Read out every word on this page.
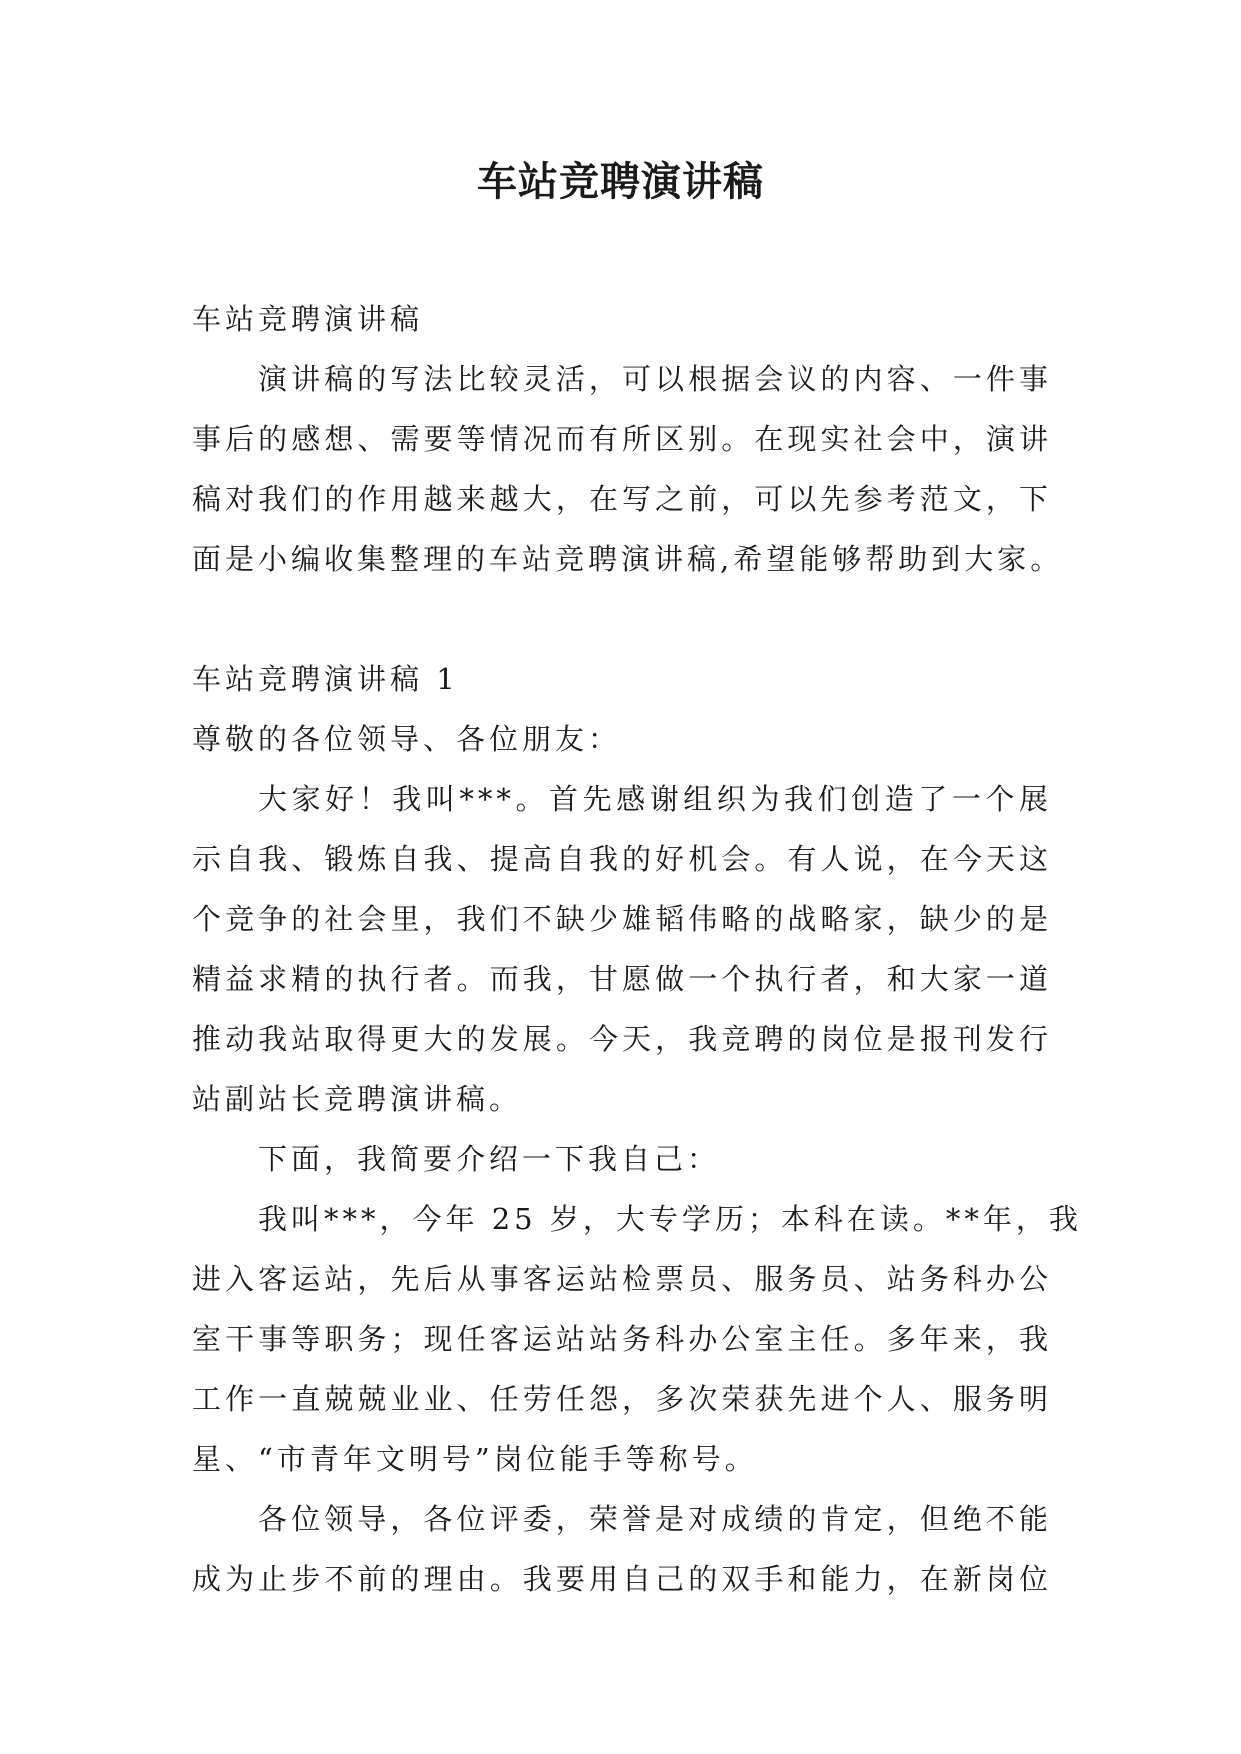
车站竞聘演讲稿
车站竞聘演讲稿
演讲稿的写法比较灵活，可以根据会议的内容、一件事
事后的感想、需要等情况而有所区别。在现实社会中，演讲
稿对我们的作用越来越大，在写之前，可以先参考范文，下
面是小编收集整理的车站竞聘演讲稿,希望能够帮助到大家。
车站竞聘演讲稿 1
尊敬的各位领导、各位朋友：
大家好！我叫***。首先感谢组织为我们创造了一个展
示自我、锻炼自我、提高自我的好机会。有人说，在今天这
个竞争的社会里，我们不缺少雄韬伟略的战略家，缺少的是
精益求精的执行者。而我，甘愿做一个执行者，和大家一道
推动我站取得更大的发展。今天，我竞聘的岗位是报刊发行
站副站长竞聘演讲稿。
下面，我简要介绍一下我自己：
我叫***，今年 25 岁，大专学历；本科在读。**年，我
进入客运站，先后从事客运站检票员、服务员、站务科办公
室干事等职务；现任客运站站务科办公室主任。多年来，我
工作一直兢兢业业、任劳任怨，多次荣获先进个人、服务明
星、“市青年文明号”岗位能手等称号。
各位领导，各位评委，荣誉是对成绩的肯定，但绝不能
成为止步不前的理由。我要用自己的双手和能力，在新岗位
